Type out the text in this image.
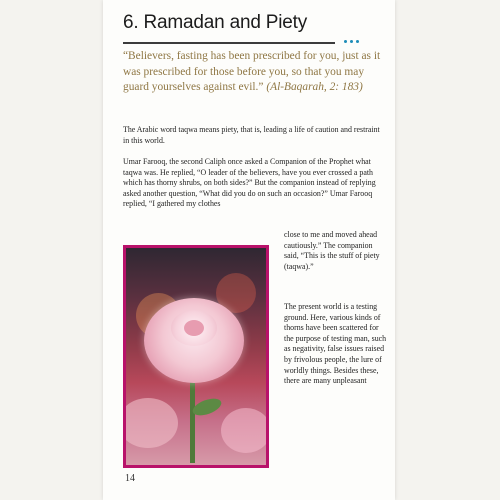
6. Ramadan and Piety
“Believers, fasting has been prescribed for you, just as it was prescribed for those before you, so that you may guard yourselves against evil.” (Al-Baqarah, 2: 183)
The Arabic word taqwa means piety, that is, leading a life of caution and restraint in this world.
Umar Farooq, the second Caliph once asked a Companion of the Prophet what taqwa was. He replied, “O leader of the believers, have you ever crossed a path which has thorny shrubs, on both sides?” But the companion instead of replying asked another question, “What did you do on such an occasion?” Umar Farooq replied, “I gathered my clothes
close to me and moved ahead cautiously.” The companion said, “This is the stuff of piety (taqwa).”
The present world is a testing ground. Here, various kinds of thorns have been scattered for the purpose of testing man, such as negativity, false issues raised by frivolous people, the lure of worldly things. Besides these, there are many unpleasant
14
